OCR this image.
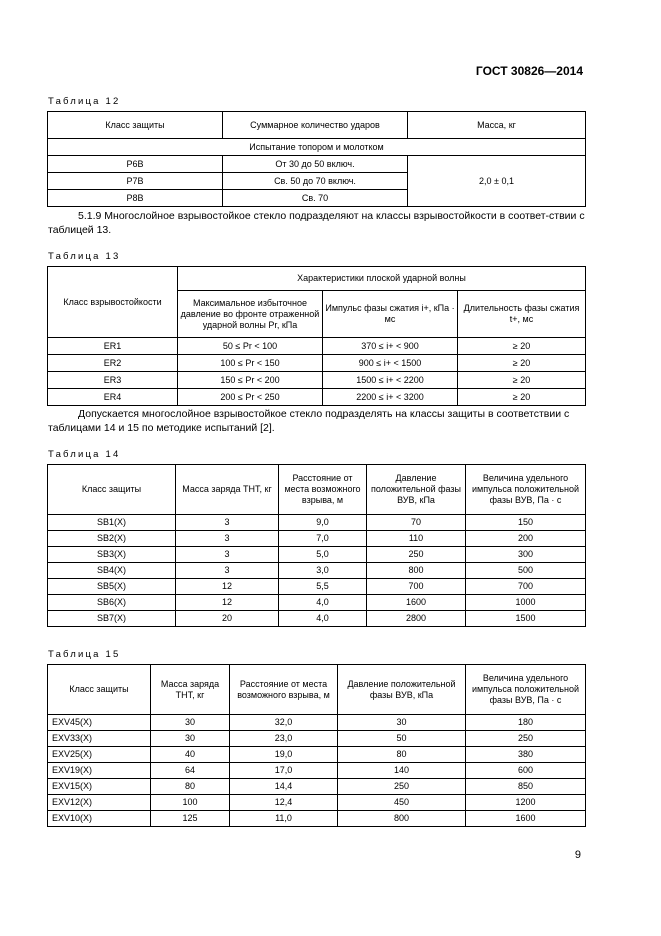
ГОСТ 30826—2014
Таблица 12
Класс защиты	Суммарное количество ударов	Масса, кг
Испытание топором и молотком		
P6B	От 30 до 50 включ.	2,0 ± 0,1
P7B	Св. 50 до 70 включ.	
P8B	Св. 70	
5.1.9 Многослойное взрывостойкое стекло подразделяют на классы взрывостойкости в соответ-ствии с таблицей 13.
Таблица 13
Класс взрывостойкости	Характеристики плоской ударной волны		
	Максимальное избыточное давление во фронте отраженной ударной волны Pr, кПа	Импульс фазы сжатия i+, кПа · мс	Длительность фазы сжатия t+, мс
ER1	50 ≤ Pr < 100	370 ≤ i+ < 900	≥ 20
ER2	100 ≤ Pr < 150	900 ≤ i+ < 1500	≥ 20
ER3	150 ≤ Pr < 200	1500 ≤ i+ < 2200	≥ 20
ER4	200 ≤ Pr < 250	2200 ≤ i+ < 3200	≥ 20
Допускается многослойное взрывостойкое стекло подразделять на классы защиты в соответствии с таблицами 14 и 15 по методике испытаний [2].
Таблица 14
Класс защиты	Масса заряда ТНТ, кг	Расстояние от места возможного взрыва, м	Давление положительной фазы ВУВ, кПа	Величина удельного импульса положительной фазы ВУВ, Па · с
SB1(X)	3	9,0	70	150
SB2(X)	3	7,0	110	200
SB3(X)	3	5,0	250	300
SB4(X)	3	3,0	800	500
SB5(X)	12	5,5	700	700
SB6(X)	12	4,0	1600	1000
SB7(X)	20	4,0	2800	1500
Таблица 15
Класс защиты	Масса заряда ТНТ, кг	Расстояние от места возможного взрыва, м	Давление положительной фазы ВУВ, кПа	Величина удельного импульса положительной фазы ВУВ, Па · с
EXV45(X)	30	32,0	30	180
EXV33(X)	30	23,0	50	250
EXV25(X)	40	19,0	80	380
EXV19(X)	64	17,0	140	600
EXV15(X)	80	14,4	250	850
EXV12(X)	100	12,4	450	1200
EXV10(X)	125	11,0	800	1600
9
